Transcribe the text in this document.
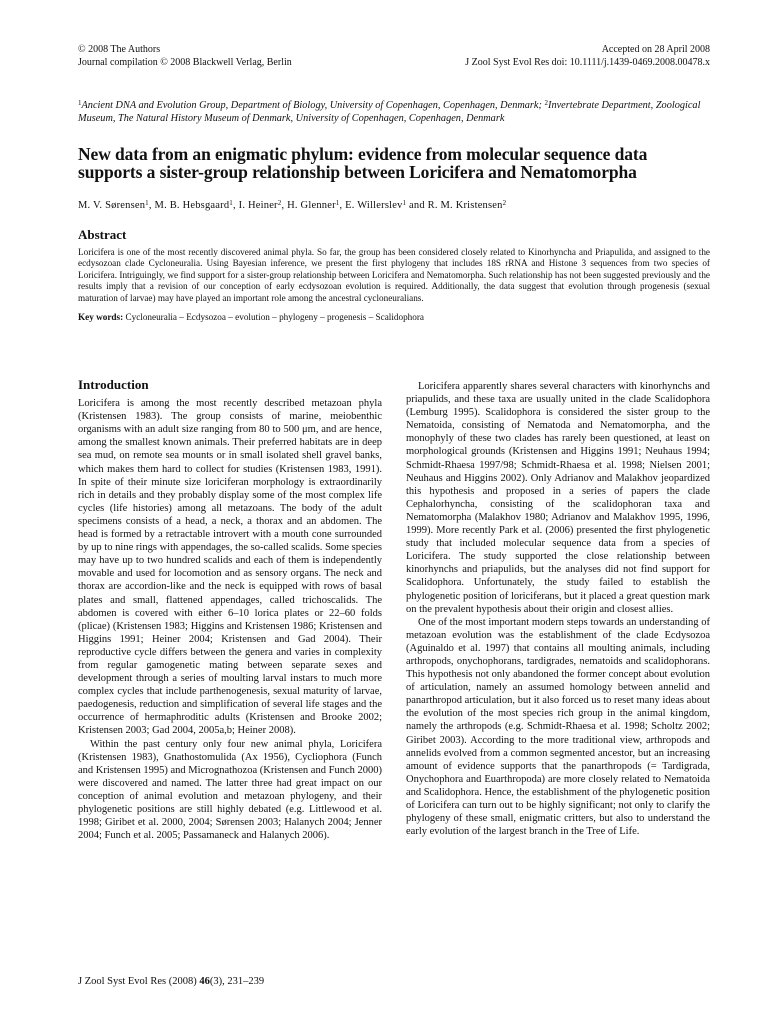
© 2008 The Authors
Journal compilation © 2008 Blackwell Verlag, Berlin
Accepted on 28 April 2008
J Zool Syst Evol Res doi: 10.1111/j.1439-0469.2008.00478.x
$^1$Ancient DNA and Evolution Group, Department of Biology, University of Copenhagen, Copenhagen, Denmark; $^2$Invertebrate Department, Zoological Museum, The Natural History Museum of Denmark, University of Copenhagen, Copenhagen, Denmark
New data from an enigmatic phylum: evidence from molecular sequence data supports a sister-group relationship between Loricifera and Nematomorpha
M. V. Sørensen$^1$, M. B. Hebsgaard$^1$, I. Heiner$^2$, H. Glenner$^1$, E. Willerslev$^1$ and R. M. Kristensen$^2$
Abstract
Loricifera is one of the most recently discovered animal phyla. So far, the group has been considered closely related to Kinorhyncha and Priapulida, and assigned to the ecdysozoan clade Cycloneuralia. Using Bayesian inference, we present the first phylogeny that includes 18S rRNA and Histone 3 sequences from two species of Loricifera. Intriguingly, we find support for a sister-group relationship between Loricifera and Nematomorpha. Such relationship has not been suggested previously and the results imply that a revision of our conception of early ecdysozoan evolution is required. Additionally, the data suggest that evolution through progenesis (sexual maturation of larvae) may have played an important role among the ancestral cycloneuralians.
Key words: Cycloneuralia – Ecdysozoa – evolution – phylogeny – progenesis – Scalidophora
Introduction

Loricifera is among the most recently described metazoan phyla (Kristensen 1983). The group consists of marine, meiobenthic organisms with an adult size ranging from 80 to 500 μm, and are hence, among the smallest known animals. Their preferred habitats are in deep sea mud, on remote sea mounts or in small isolated shell gravel banks, which makes them hard to collect for studies (Kristensen 1983, 1991). In spite of their minute size loriciferan morphology is extraordinarily rich in details and they probably display some of the most complex life cycles (life histories) among all metazoans. The body of the adult specimens consists of a head, a neck, a thorax and an abdomen. The head is formed by a retractable introvert with a mouth cone surrounded by up to nine rings with appendages, the so-called scalids. Some species may have up to two hundred scalids and each of them is independently movable and used for locomotion and as sensory organs. The neck and thorax are accordion-like and the neck is equipped with rows of basal plates and small, flattened appendages, called trichoscalids. The abdomen is covered with either 6–10 lorica plates or 22–60 folds (plicae) (Kristensen 1983; Higgins and Kristensen 1986; Kristensen and Higgins 1991; Heiner 2004; Kristensen and Gad 2004). Their reproductive cycle differs between the genera and varies in complexity from regular gamogenetic mating between separate sexes and development through a series of moulting larval instars to much more complex cycles that include parthenogenesis, sexual maturity of larvae, paedogenesis, reduction and simplification of several life stages and the occurrence of hermaphroditic adults (Kristensen and Brooke 2002; Kristensen 2003; Gad 2004, 2005a,b; Heiner 2008).

Within the past century only four new animal phyla, Loricifera (Kristensen 1983), Gnathostomulida (Ax 1956), Cycliophora (Funch and Kristensen 1995) and Micrognathozoa (Kristensen and Funch 2000) were discovered and named. The latter three had great impact on our conception of animal evolution and metazoan phylogeny, and their phylogenetic positions are still highly debated (e.g. Littlewood et al. 1998; Giribet et al. 2000, 2004; Sørensen 2003; Halanych 2004; Jenner 2004; Funch et al. 2005; Passamaneck and Halanych 2006).

Loricifera apparently shares several characters with kinorhynchs and priapulids, and these taxa are usually united in the clade Scalidophora (Lemburg 1995). Scalidophora is considered the sister group to the Nematoida, consisting of Nematoda and Nematomorpha, and the monophyly of these two clades has rarely been questioned, at least on morphological grounds (Kristensen and Higgins 1991; Neuhaus 1994; Schmidt-Rhaesa 1997/98; Schmidt-Rhaesa et al. 1998; Nielsen 2001; Neuhaus and Higgins 2002). Only Adrianov and Malakhov jeopardized this hypothesis and proposed in a series of papers the clade Cephalorhyncha, consisting of the scalidophoran taxa and Nematomorpha (Malakhov 1980; Adrianov and Malakhov 1995, 1996, 1999). More recently Park et al. (2006) presented the first phylogenetic study that included molecular sequence data from a species of Loricifera. The study supported the close relationship between kinorhynchs and priapulids, but the analyses did not find support for Scalidophora. Unfortunately, the study failed to establish the phylogenetic position of loriciferans, but it placed a great question mark on the prevalent hypothesis about their origin and closest allies.

One of the most important modern steps towards an understanding of metazoan evolution was the establishment of the clade Ecdysozoa (Aguinaldo et al. 1997) that contains all moulting animals, including arthropods, onychophorans, tardigrades, nematoids and scalidophorans. This hypothesis not only abandoned the former concept about evolution of articulation, namely an assumed homology between annelid and panarthropod articulation, but it also forced us to reset many ideas about the evolution of the most species rich group in the animal kingdom, namely the arthropods (e.g. Schmidt-Rhaesa et al. 1998; Scholtz 2002; Giribet 2003). According to the more traditional view, arthropods and annelids evolved from a common segmented ancestor, but an increasing amount of evidence supports that the panarthropods (= Tardigrada, Onychophora and Euarthropoda) are more closely related to Nematoida and Scalidophora. Hence, the establishment of the phylogenetic position of Loricifera can turn out to be highly significant; not only to clarify the phylogeny of these small, enigmatic critters, but also to understand the early evolution of the largest branch in the Tree of Life.

J Zool Syst Evol Res (2008) 46(3), 231–239
